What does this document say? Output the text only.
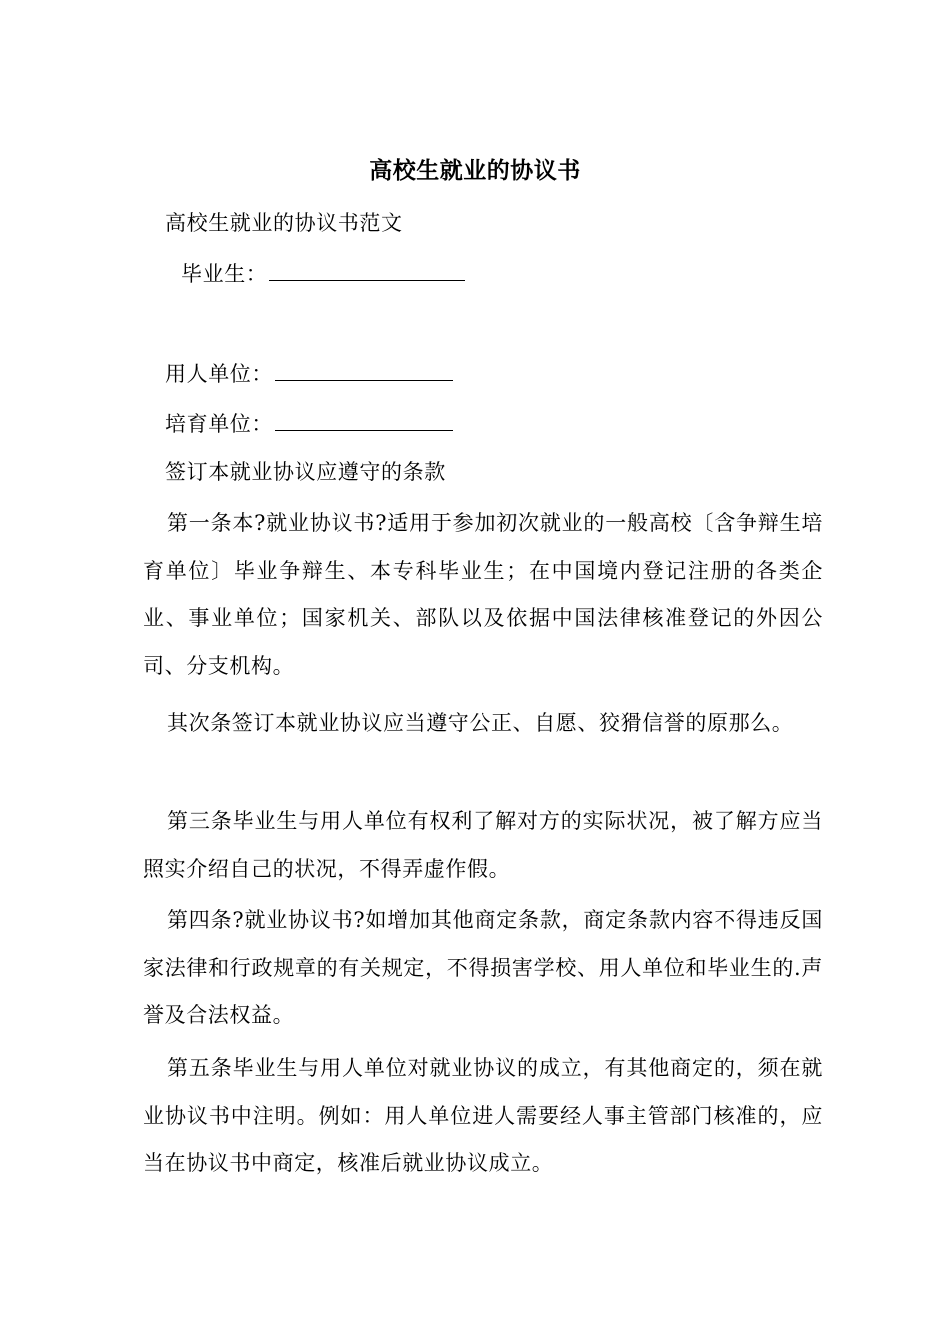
高校生就业的协议书
高校生就业的协议书范文
毕业生：
用人单位：
培育单位：
签订本就业协议应遵守的条款
第一条本?就业协议书?适用于参加初次就业的一般高校〔含争辩生培育单位〕毕业争辩生、本专科毕业生；在中国境内登记注册的各类企业、事业单位；国家机关、部队以及依据中国法律核准登记的外因公司、分支机构。
其次条签订本就业协议应当遵守公正、自愿、狡猾信誉的原那么。
第三条毕业生与用人单位有权利了解对方的实际状况，被了解方应当照实介绍自己的状况，不得弄虚作假。
第四条?就业协议书?如增加其他商定条款，商定条款内容不得违反国家法律和行政规章的有关规定，不得损害学校、用人单位和毕业生的.声誉及合法权益。
第五条毕业生与用人单位对就业协议的成立，有其他商定的，须在就业协议书中注明。例如：用人单位进人需要经人事主管部门核准的，应当在协议书中商定，核准后就业协议成立。
